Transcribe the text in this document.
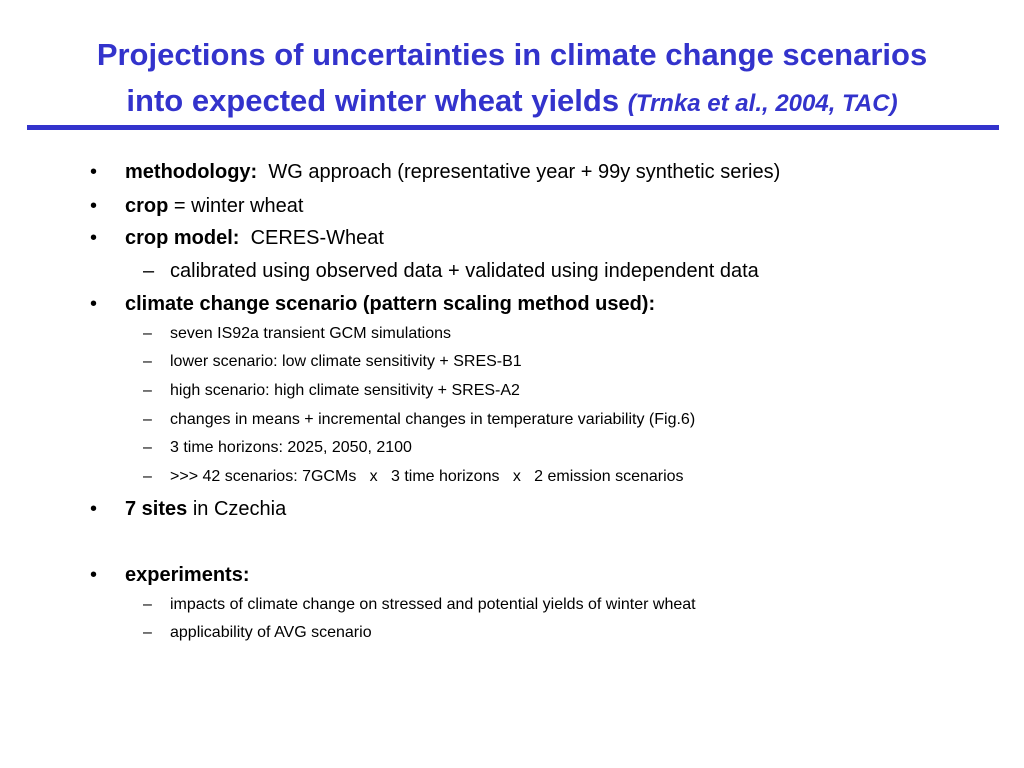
Projections of uncertainties in climate change scenarios
into expected winter wheat yields (Trnka et al., 2004, TAC)
• methodology: WG approach (representative year + 99y synthetic series)
• crop = winter wheat
• crop model: CERES-Wheat
– calibrated using observed data + validated using independent data
• climate change scenario (pattern scaling method used):
– seven IS92a transient GCM simulations
– lower scenario: low climate sensitivity + SRES-B1
– high scenario: high climate sensitivity + SRES-A2
– changes in means + incremental changes in temperature variability (Fig.6)
– 3 time horizons: 2025, 2050, 2100
– >>> 42 scenarios: 7GCMs   x   3 time horizons   x   2 emission scenarios
• 7 sites in Czechia
• experiments:
– impacts of climate change on stressed and potential yields of winter wheat
– applicability of AVG scenario
